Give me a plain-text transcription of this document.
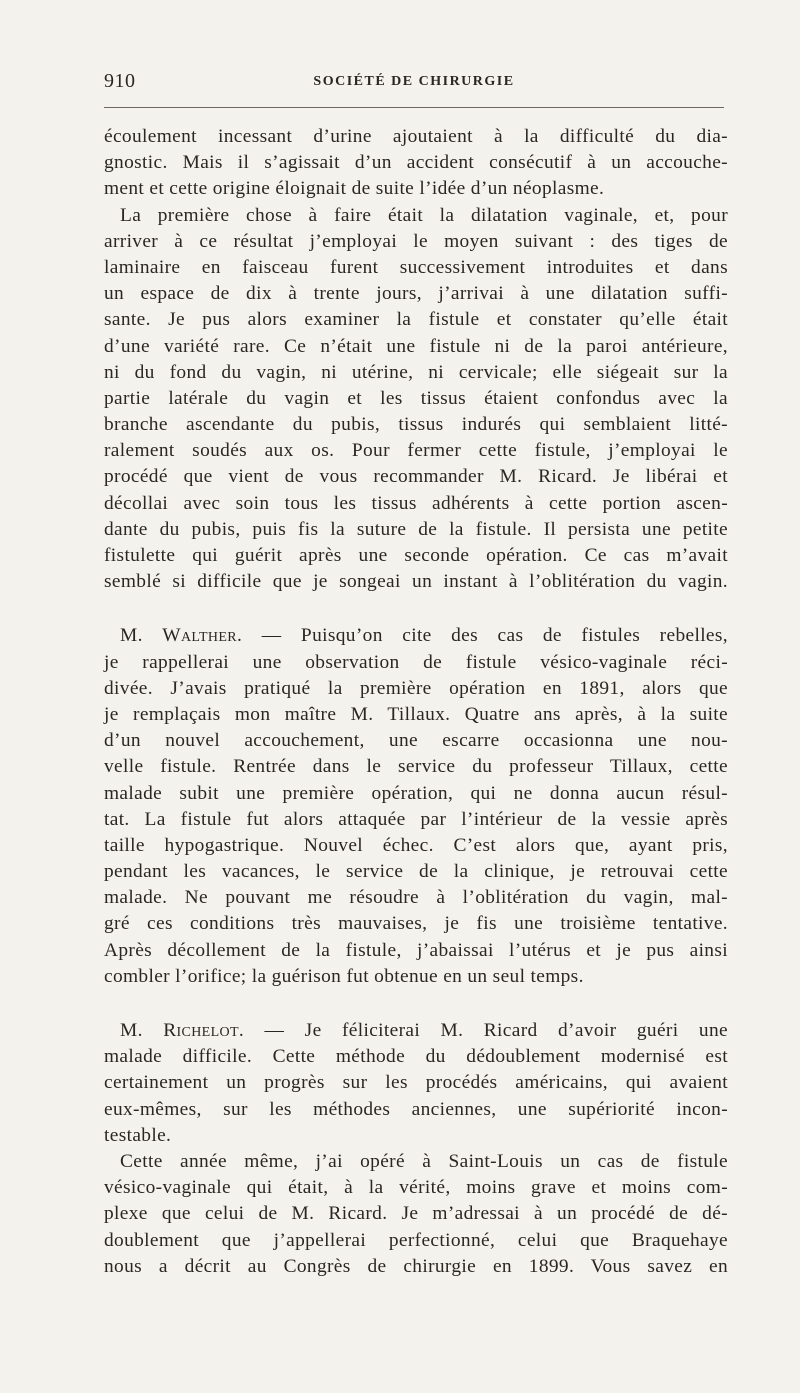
910	SOCIÉTÉ DE CHIRURGIE
écoulement incessant d’urine ajoutaient à la difficulté du dia-
gnostic. Mais il s’agissait d’un accident consécutif à un accouche-
ment et cette origine éloignait de suite l’idée d’un néoplasme.
La première chose à faire était la dilatation vaginale, et, pour
arriver à ce résultat j’employai le moyen suivant : des tiges de
laminaire en faisceau furent successivement introduites et dans
un espace de dix à trente jours, j’arrivai à une dilatation suffi-
sante. Je pus alors examiner la fistule et constater qu’elle était
d’une variété rare. Ce n’était une fistule ni de la paroi antérieure,
ni du fond du vagin, ni utérine, ni cervicale; elle siégeait sur la
partie latérale du vagin et les tissus étaient confondus avec la
branche ascendante du pubis, tissus indurés qui semblaient litté-
ralement soudés aux os. Pour fermer cette fistule, j’employai le
procédé que vient de vous recommander M. Ricard. Je libérai et
décollai avec soin tous les tissus adhérents à cette portion ascen-
dante du pubis, puis fis la suture de la fistule. Il persista une petite
fistulette qui guérit après une seconde opération. Ce cas m’avait
semblé si difficile que je songeai un instant à l’oblitération du vagin.
M. Walther. — Puisqu’on cite des cas de fistules rebelles,
je rappellerai une observation de fistule vésico-vaginale réci-
divée. J’avais pratiqué la première opération en 1891, alors que
je remplaçais mon maître M. Tillaux. Quatre ans après, à la suite
d’un nouvel accouchement, une escarre occasionna une nou-
velle fistule. Rentrée dans le service du professeur Tillaux, cette
malade subit une première opération, qui ne donna aucun résul-
tat. La fistule fut alors attaquée par l’intérieur de la vessie après
taille hypogastrique. Nouvel échec. C’est alors que, ayant pris,
pendant les vacances, le service de la clinique, je retrouvai cette
malade. Ne pouvant me résoudre à l’oblitération du vagin, mal-
gré ces conditions très mauvaises, je fis une troisième tentative.
Après décollement de la fistule, j’abaissai l’utérus et je pus ainsi
combler l’orifice; la guérison fut obtenue en un seul temps.
M. Richelot. — Je féliciterai M. Ricard d’avoir guéri une
malade difficile. Cette méthode du dédoublement modernisé est
certainement un progrès sur les procédés américains, qui avaient
eux-mêmes, sur les méthodes anciennes, une supériorité incon-
testable.
Cette année même, j’ai opéré à Saint-Louis un cas de fistule
vésico-vaginale qui était, à la vérité, moins grave et moins com-
plexe que celui de M. Ricard. Je m’adressai à un procédé de dé-
doublement que j’appellerai perfectionné, celui que Braquehaye
nous a décrit au Congrès de chirurgie en 1899. Vous savez en
